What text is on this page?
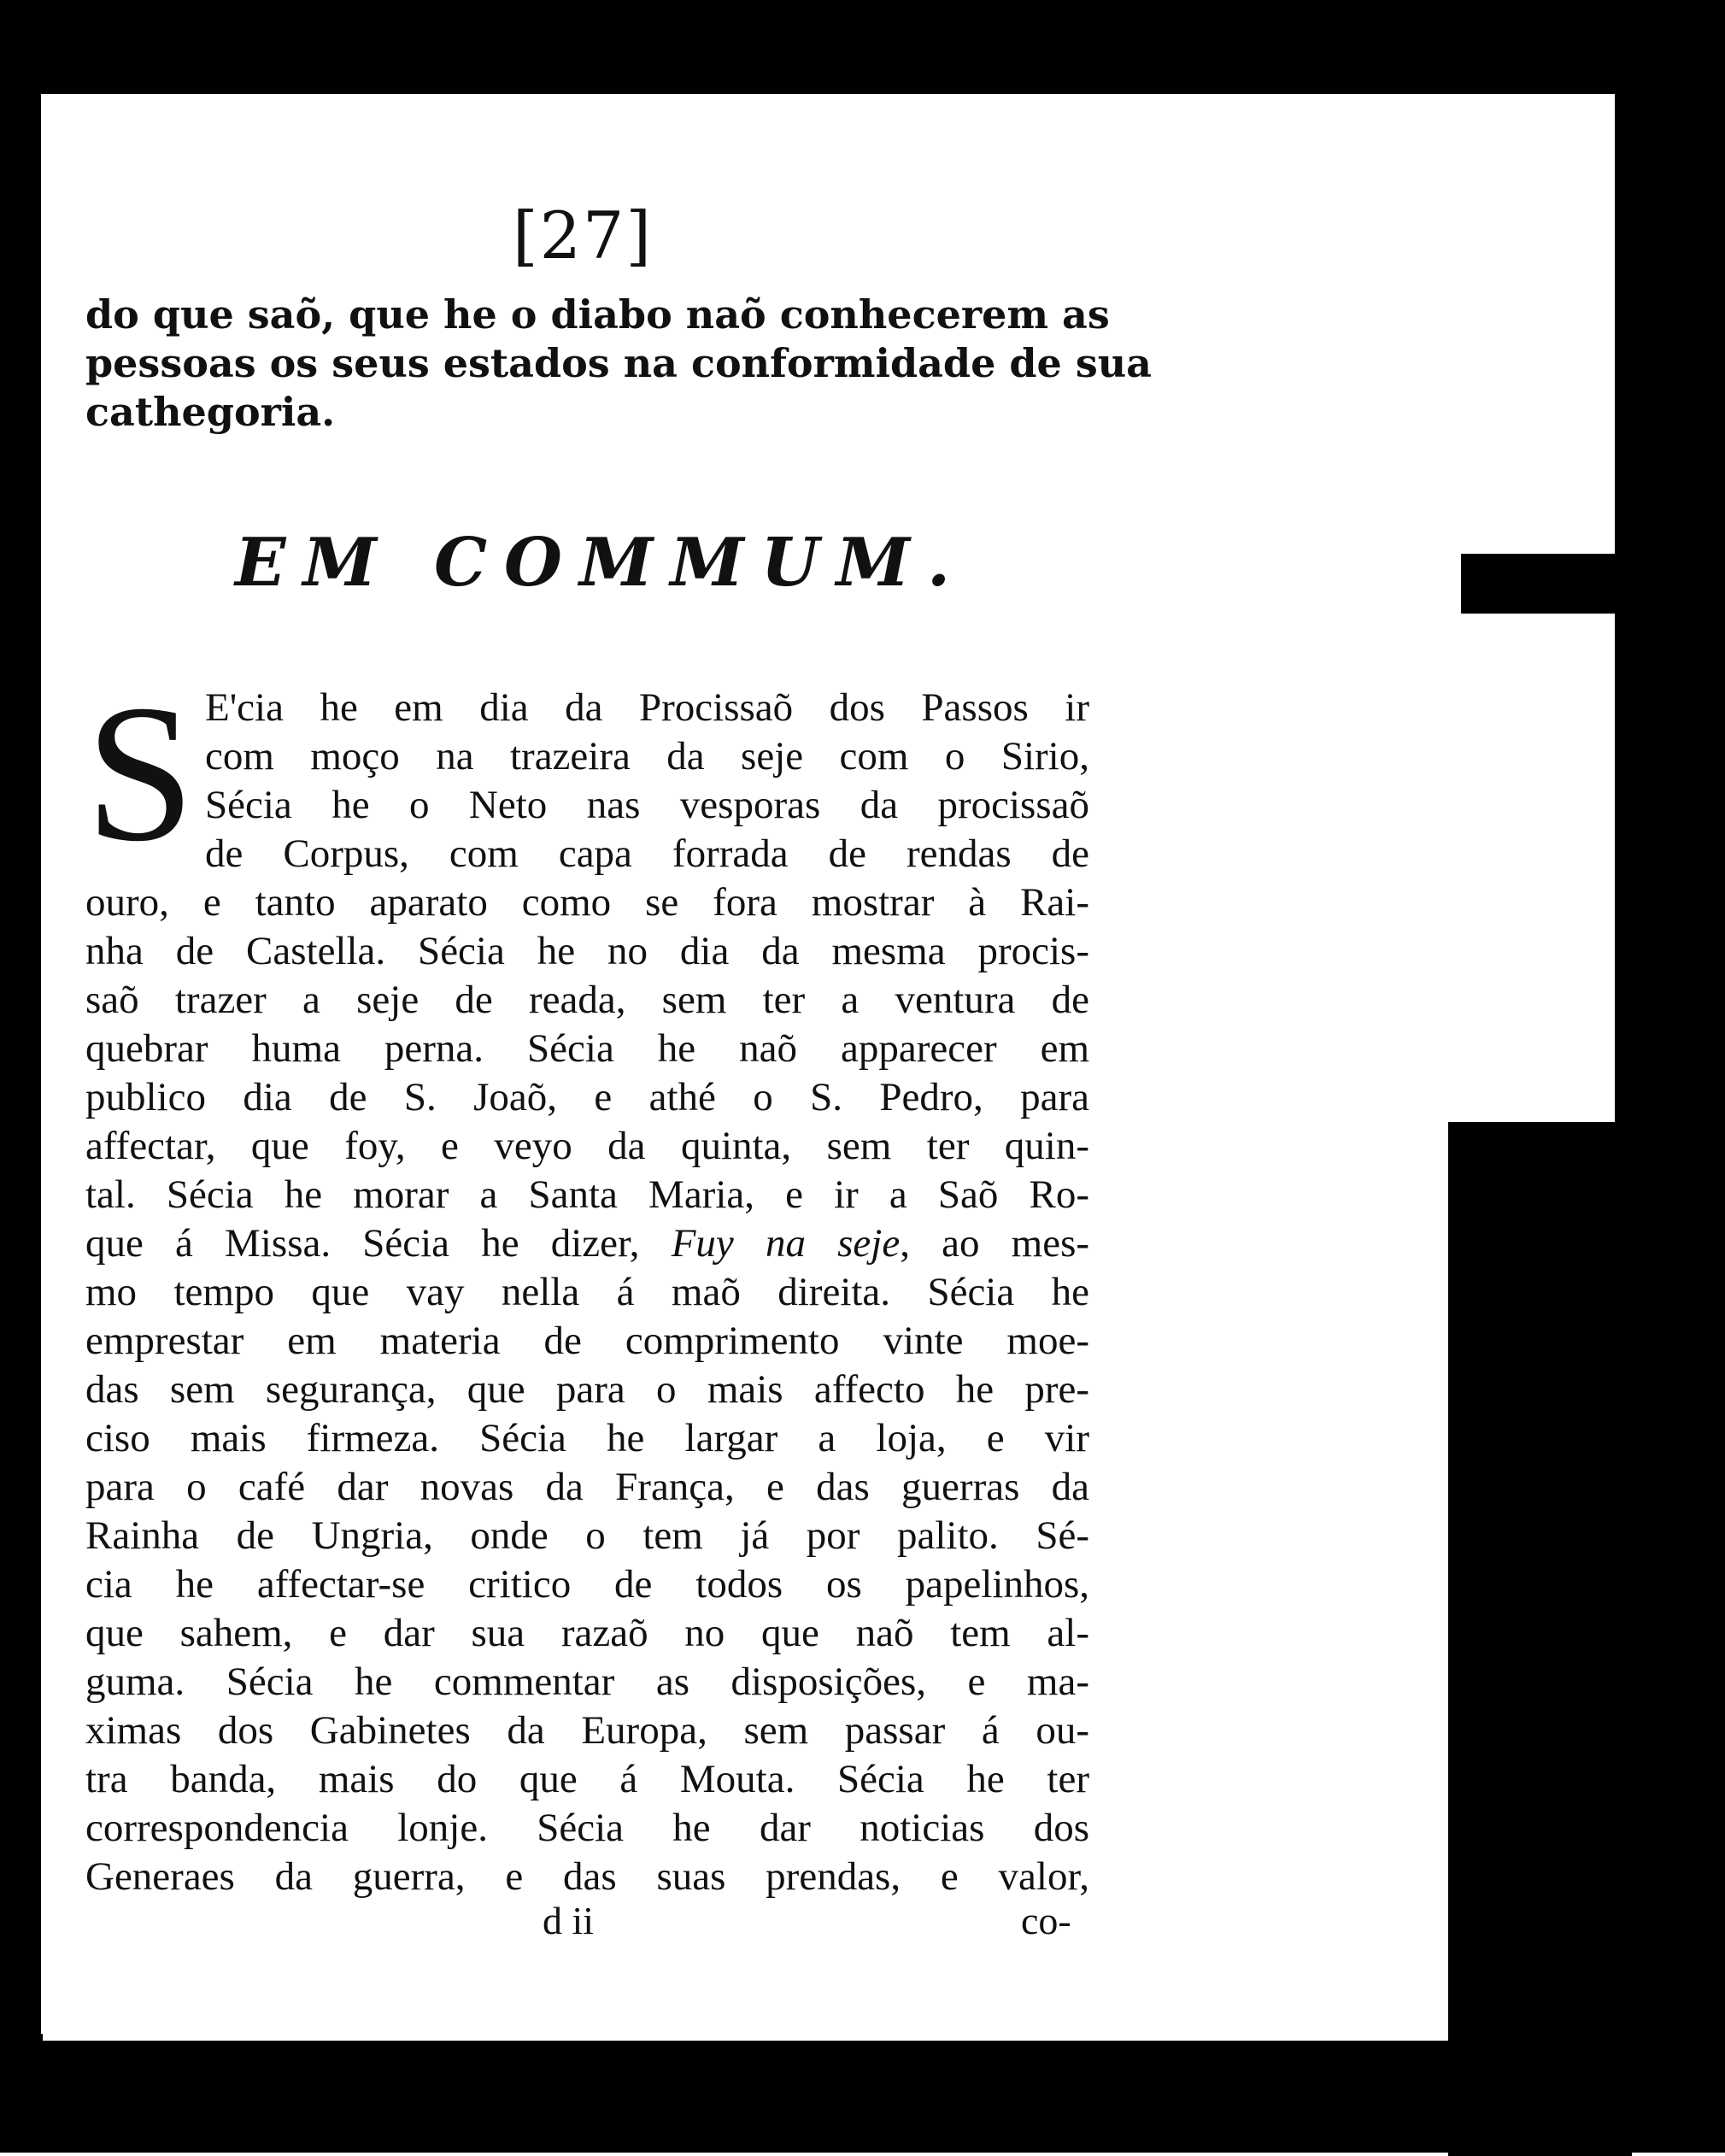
[27]
do que saõ, que he o diabo naõ conhecerem as
pessoas os seus estados na conformidade de sua
cathegoria.
EM COMMUM.
S E'cia he em dia da Procissaõ dos Passos ir
com moço na trazeira da seje com o Sirio,
Sécia he o Neto nas vesporas da procissaõ
de Corpus, com capa forrada de rendas de
ouro, e tanto aparato como se fora mostrar à Rai-
nha de Castella. Sécia he no dia da mesma procis-
saõ trazer a seje de reada, sem ter a ventura de
quebrar huma perna. Sécia he naõ apparecer em
publico dia de S. Joaõ, e athé o S. Pedro, para
affectar, que foy, e veyo da quinta, sem ter quin-
tal. Sécia he morar a Santa Maria, e ir a Saõ Ro-
que á Missa. Sécia he dizer, Fuy na seje, ao mes-
mo tempo que vay nella á maõ direita. Sécia he
emprestar em materia de comprimento vinte moe-
das sem segurança, que para o mais affecto he pre-
ciso mais firmeza. Sécia he largar a loja, e vir
para o café dar novas da França, e das guerras da
Rainha de Ungria, onde o tem já por palito. Sé-
cia he affectar-se critico de todos os papelinhos,
que sahem, e dar sua razaõ no que naõ tem al-
guma. Sécia he commentar as disposições, e ma-
ximas dos Gabinetes da Europa, sem passar á ou-
tra banda, mais do que á Mouta. Sécia he ter
correspondencia lonje. Sécia he dar noticias dos
Generaes da guerra, e das suas prendas, e valor,
d ii	co-
